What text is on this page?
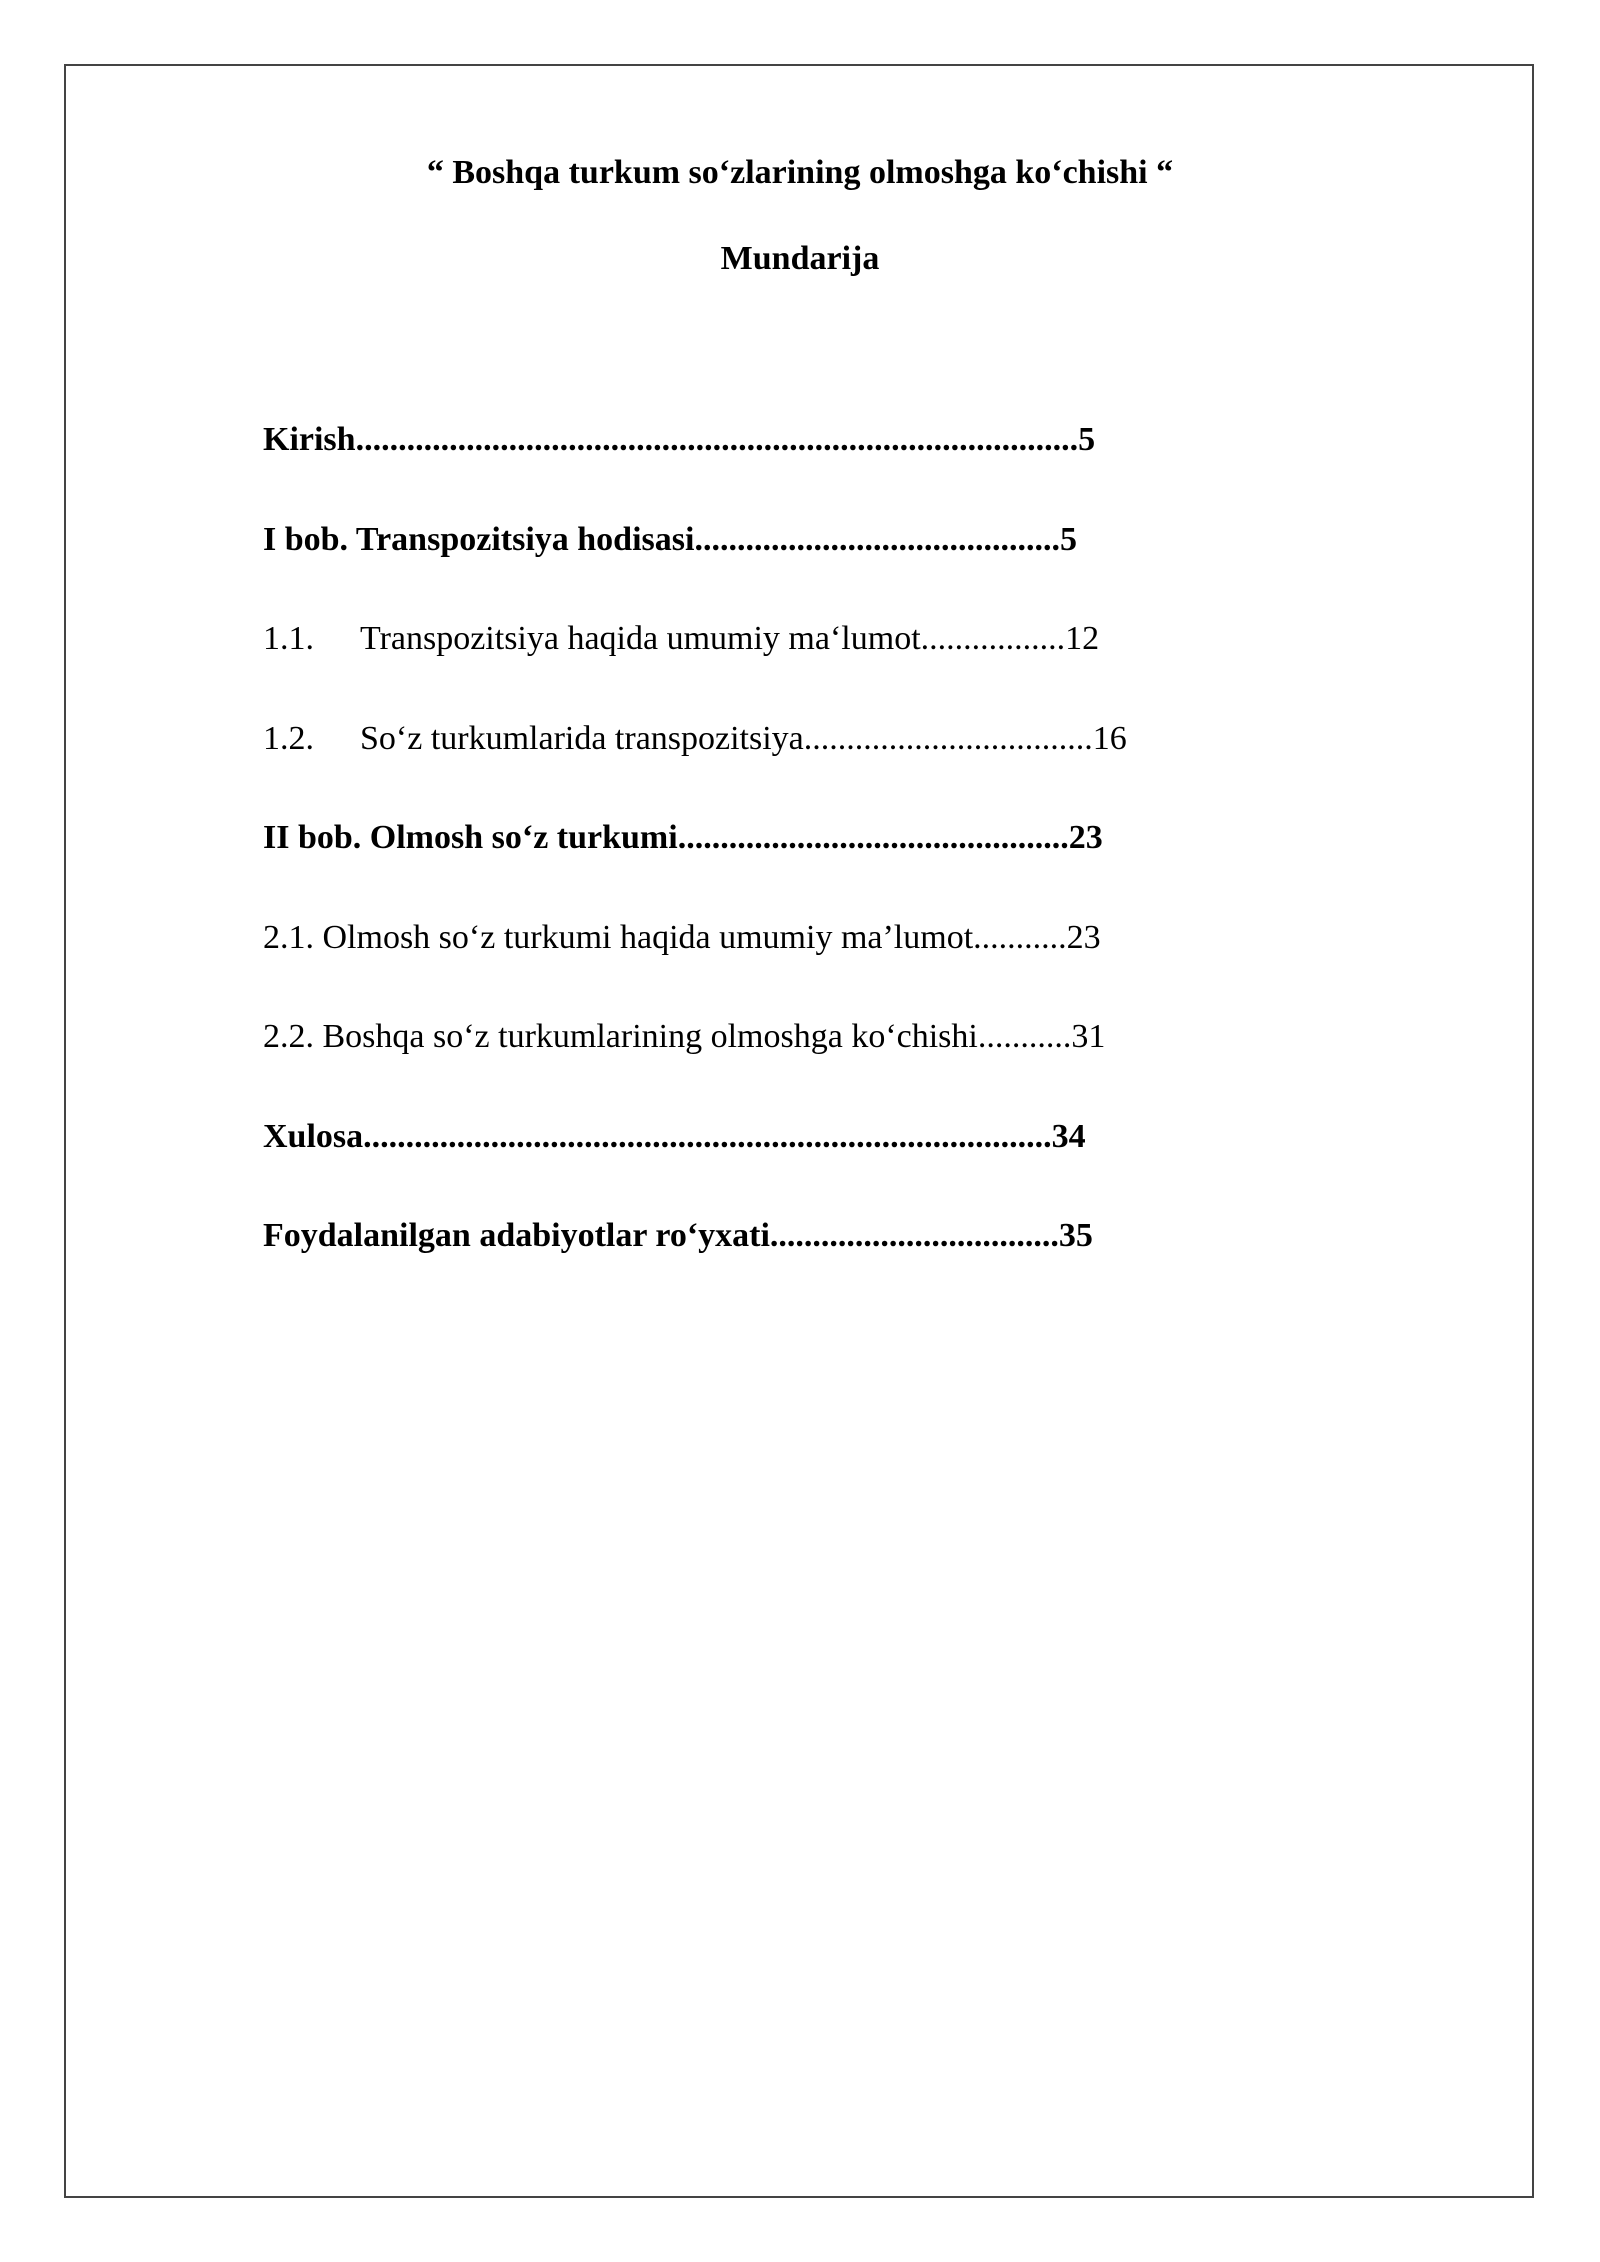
“ Boshqa turkum so‘zlarining olmoshga ko‘chishi “
Mundarija

Kirish.....................................................................................5

I bob. Transpozitsiya hodisasi...........................................5

1.1. Transpozitsiya haqida umumiy ma‘lumot.................12

1.2. So‘z turkumlarida transpozitsiya..................................16

II bob. Olmosh so‘z turkumi..............................................23

2.1. Olmosh so‘z turkumi haqida umumiy ma’lumot...........23

2.2. Boshqa so‘z turkumlarining olmoshga ko‘chishi...........31

Xulosa.................................................................................34

Foydalanilgan adabiyotlar ro‘yxati..................................35
